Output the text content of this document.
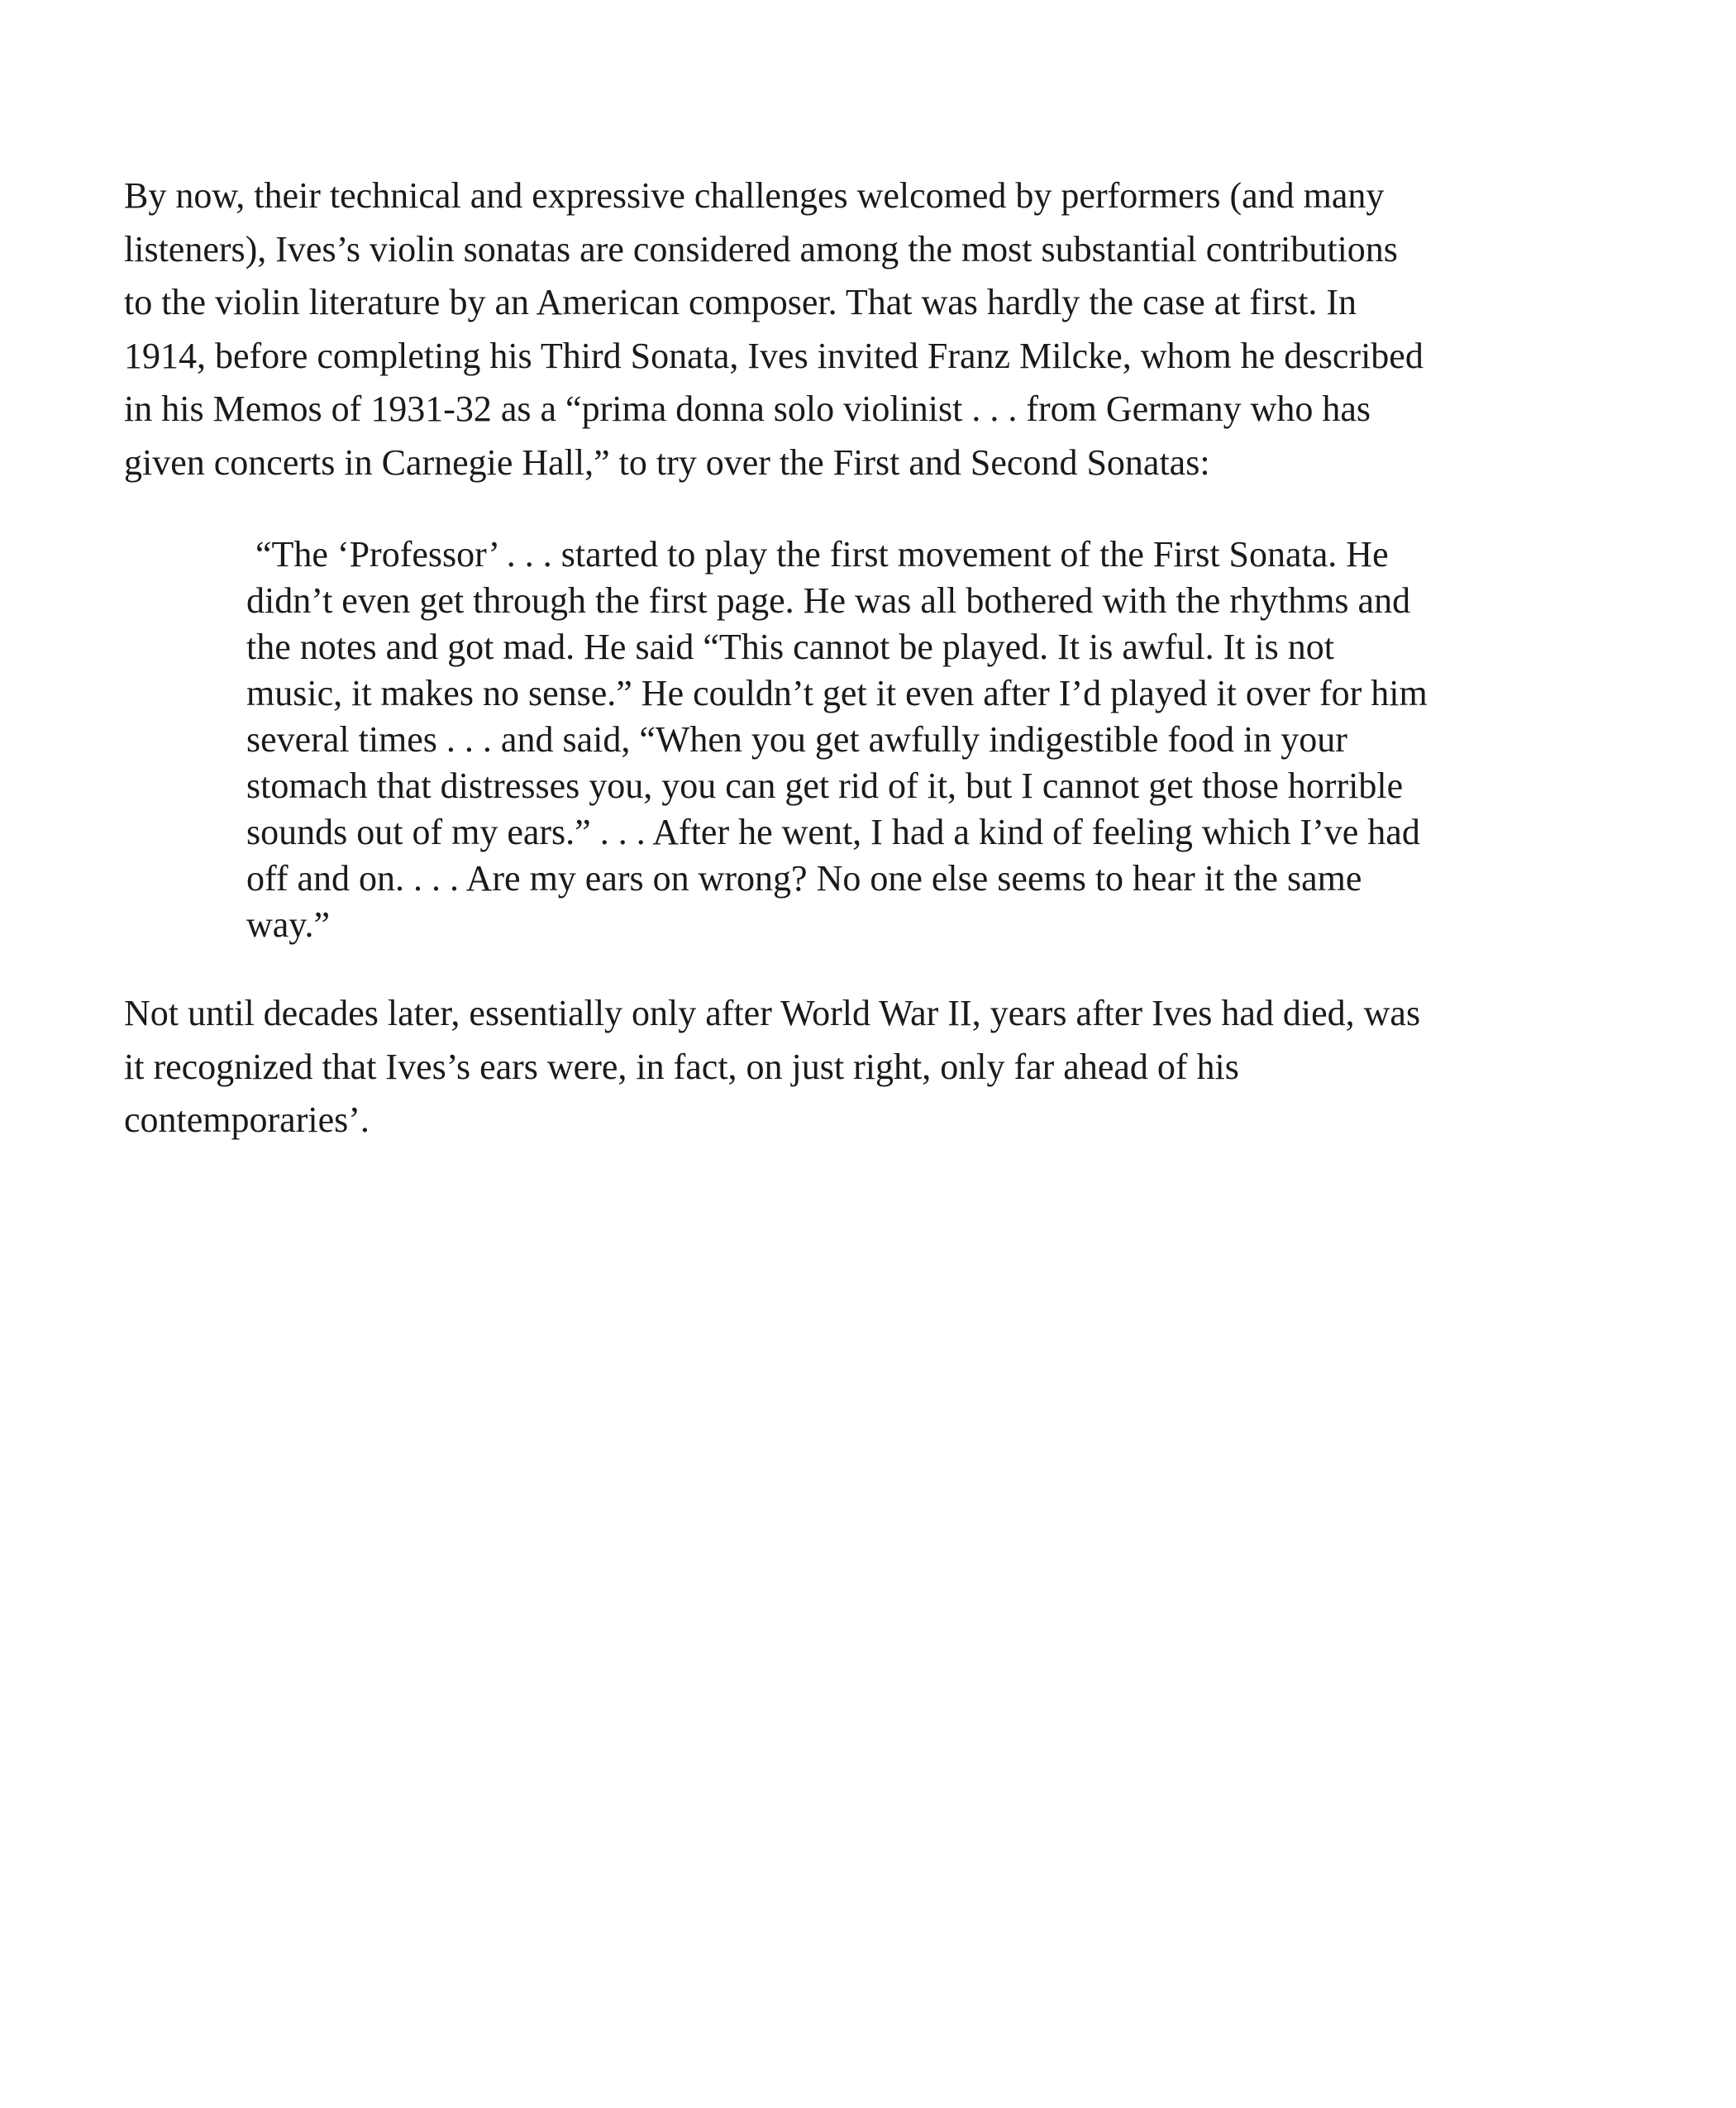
By now, their technical and expressive challenges welcomed by performers (and many
listeners), Ives’s violin sonatas are considered among the most substantial contributions
to the violin literature by an American composer. That was hardly the case at first. In
1914, before completing his Third Sonata, Ives invited Franz Milcke, whom he described
in his Memos of 1931-32 as a “prima donna solo violinist . . . from Germany who has
given concerts in Carnegie Hall,” to try over the First and Second Sonatas:

“The ‘Professor’ . . . started to play the first movement of the First Sonata. He
didn’t even get through the first page. He was all bothered with the rhythms and
the notes and got mad. He said “This cannot be played. It is awful. It is not
music, it makes no sense.” He couldn’t get it even after I’d played it over for him
several times . . . and said, “When you get awfully indigestible food in your
stomach that distresses you, you can get rid of it, but I cannot get those horrible
sounds out of my ears.” . . . After he went, I had a kind of feeling which I’ve had
off and on. . . . Are my ears on wrong? No one else seems to hear it the same
way.”

Not until decades later, essentially only after World War II, years after Ives had died, was
it recognized that Ives’s ears were, in fact, on just right, only far ahead of his
contemporaries’.
